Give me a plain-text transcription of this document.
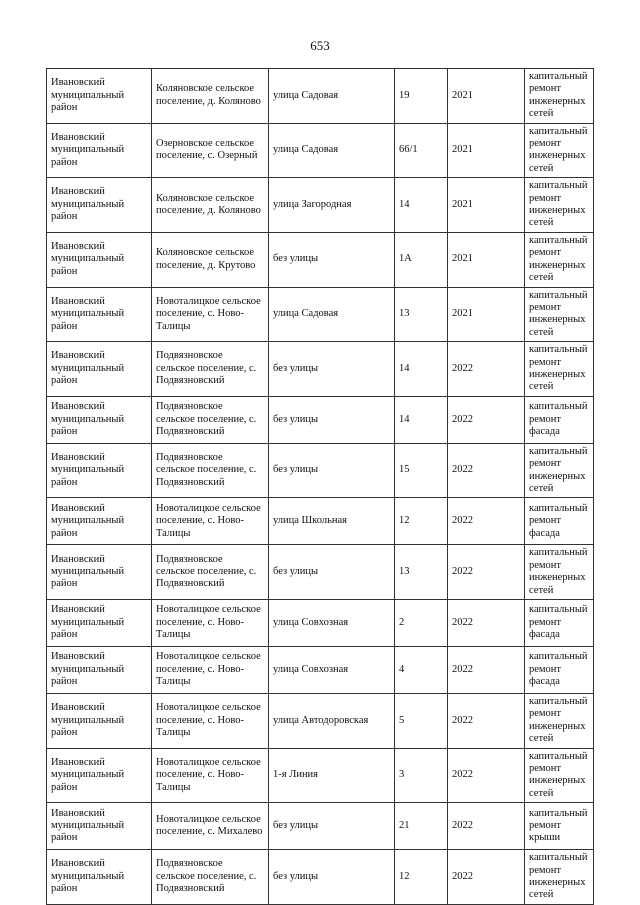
653
Ивановский муниципальный район	Коляновское сельское поселение, д. Коляново	улица Садовая	19	2021	капитальный ремонт инженерных сетей
Ивановский муниципальный район	Озерновское сельское поселение, с. Озерный	улица Садовая	66/1	2021	капитальный ремонт инженерных сетей
Ивановский муниципальный район	Коляновское сельское поселение, д. Коляново	улица Загородная	14	2021	капитальный ремонт инженерных сетей
Ивановский муниципальный район	Коляновское сельское поселение, д. Крутово	без улицы	1А	2021	капитальный ремонт инженерных сетей
Ивановский муниципальный район	Новоталицкое сельское поселение, с. Ново-Талицы	улица Садовая	13	2021	капитальный ремонт инженерных сетей
Ивановский муниципальный район	Подвязновское сельское поселение, с. Подвязновский	без улицы	14	2022	капитальный ремонт инженерных сетей
Ивановский муниципальный район	Подвязновское сельское поселение, с. Подвязновский	без улицы	14	2022	капитальный ремонт фасада
Ивановский муниципальный район	Подвязновское сельское поселение, с. Подвязновский	без улицы	15	2022	капитальный ремонт инженерных сетей
Ивановский муниципальный район	Новоталицкое сельское поселение, с. Ново-Талицы	улица Школьная	12	2022	капитальный ремонт фасада
Ивановский муниципальный район	Подвязновское сельское поселение, с. Подвязновский	без улицы	13	2022	капитальный ремонт инженерных сетей
Ивановский муниципальный район	Новоталицкое сельское поселение, с. Ново-Талицы	улица Совхозная	2	2022	капитальный ремонт фасада
Ивановский муниципальный район	Новоталицкое сельское поселение, с. Ново-Талицы	улица Совхозная	4	2022	капитальный ремонт фасада
Ивановский муниципальный район	Новоталицкое сельское поселение, с. Ново-Талицы	улица Автодоровская	5	2022	капитальный ремонт инженерных сетей
Ивановский муниципальный район	Новоталицкое сельское поселение, с. Ново-Талицы	1-я Линия	3	2022	капитальный ремонт инженерных сетей
Ивановский муниципальный район	Новоталицкое сельское поселение, с. Михалево	без улицы	21	2022	капитальный ремонт крыши
Ивановский муниципальный район	Подвязновское сельское поселение, с. Подвязновский	без улицы	12	2022	капитальный ремонт инженерных сетей
